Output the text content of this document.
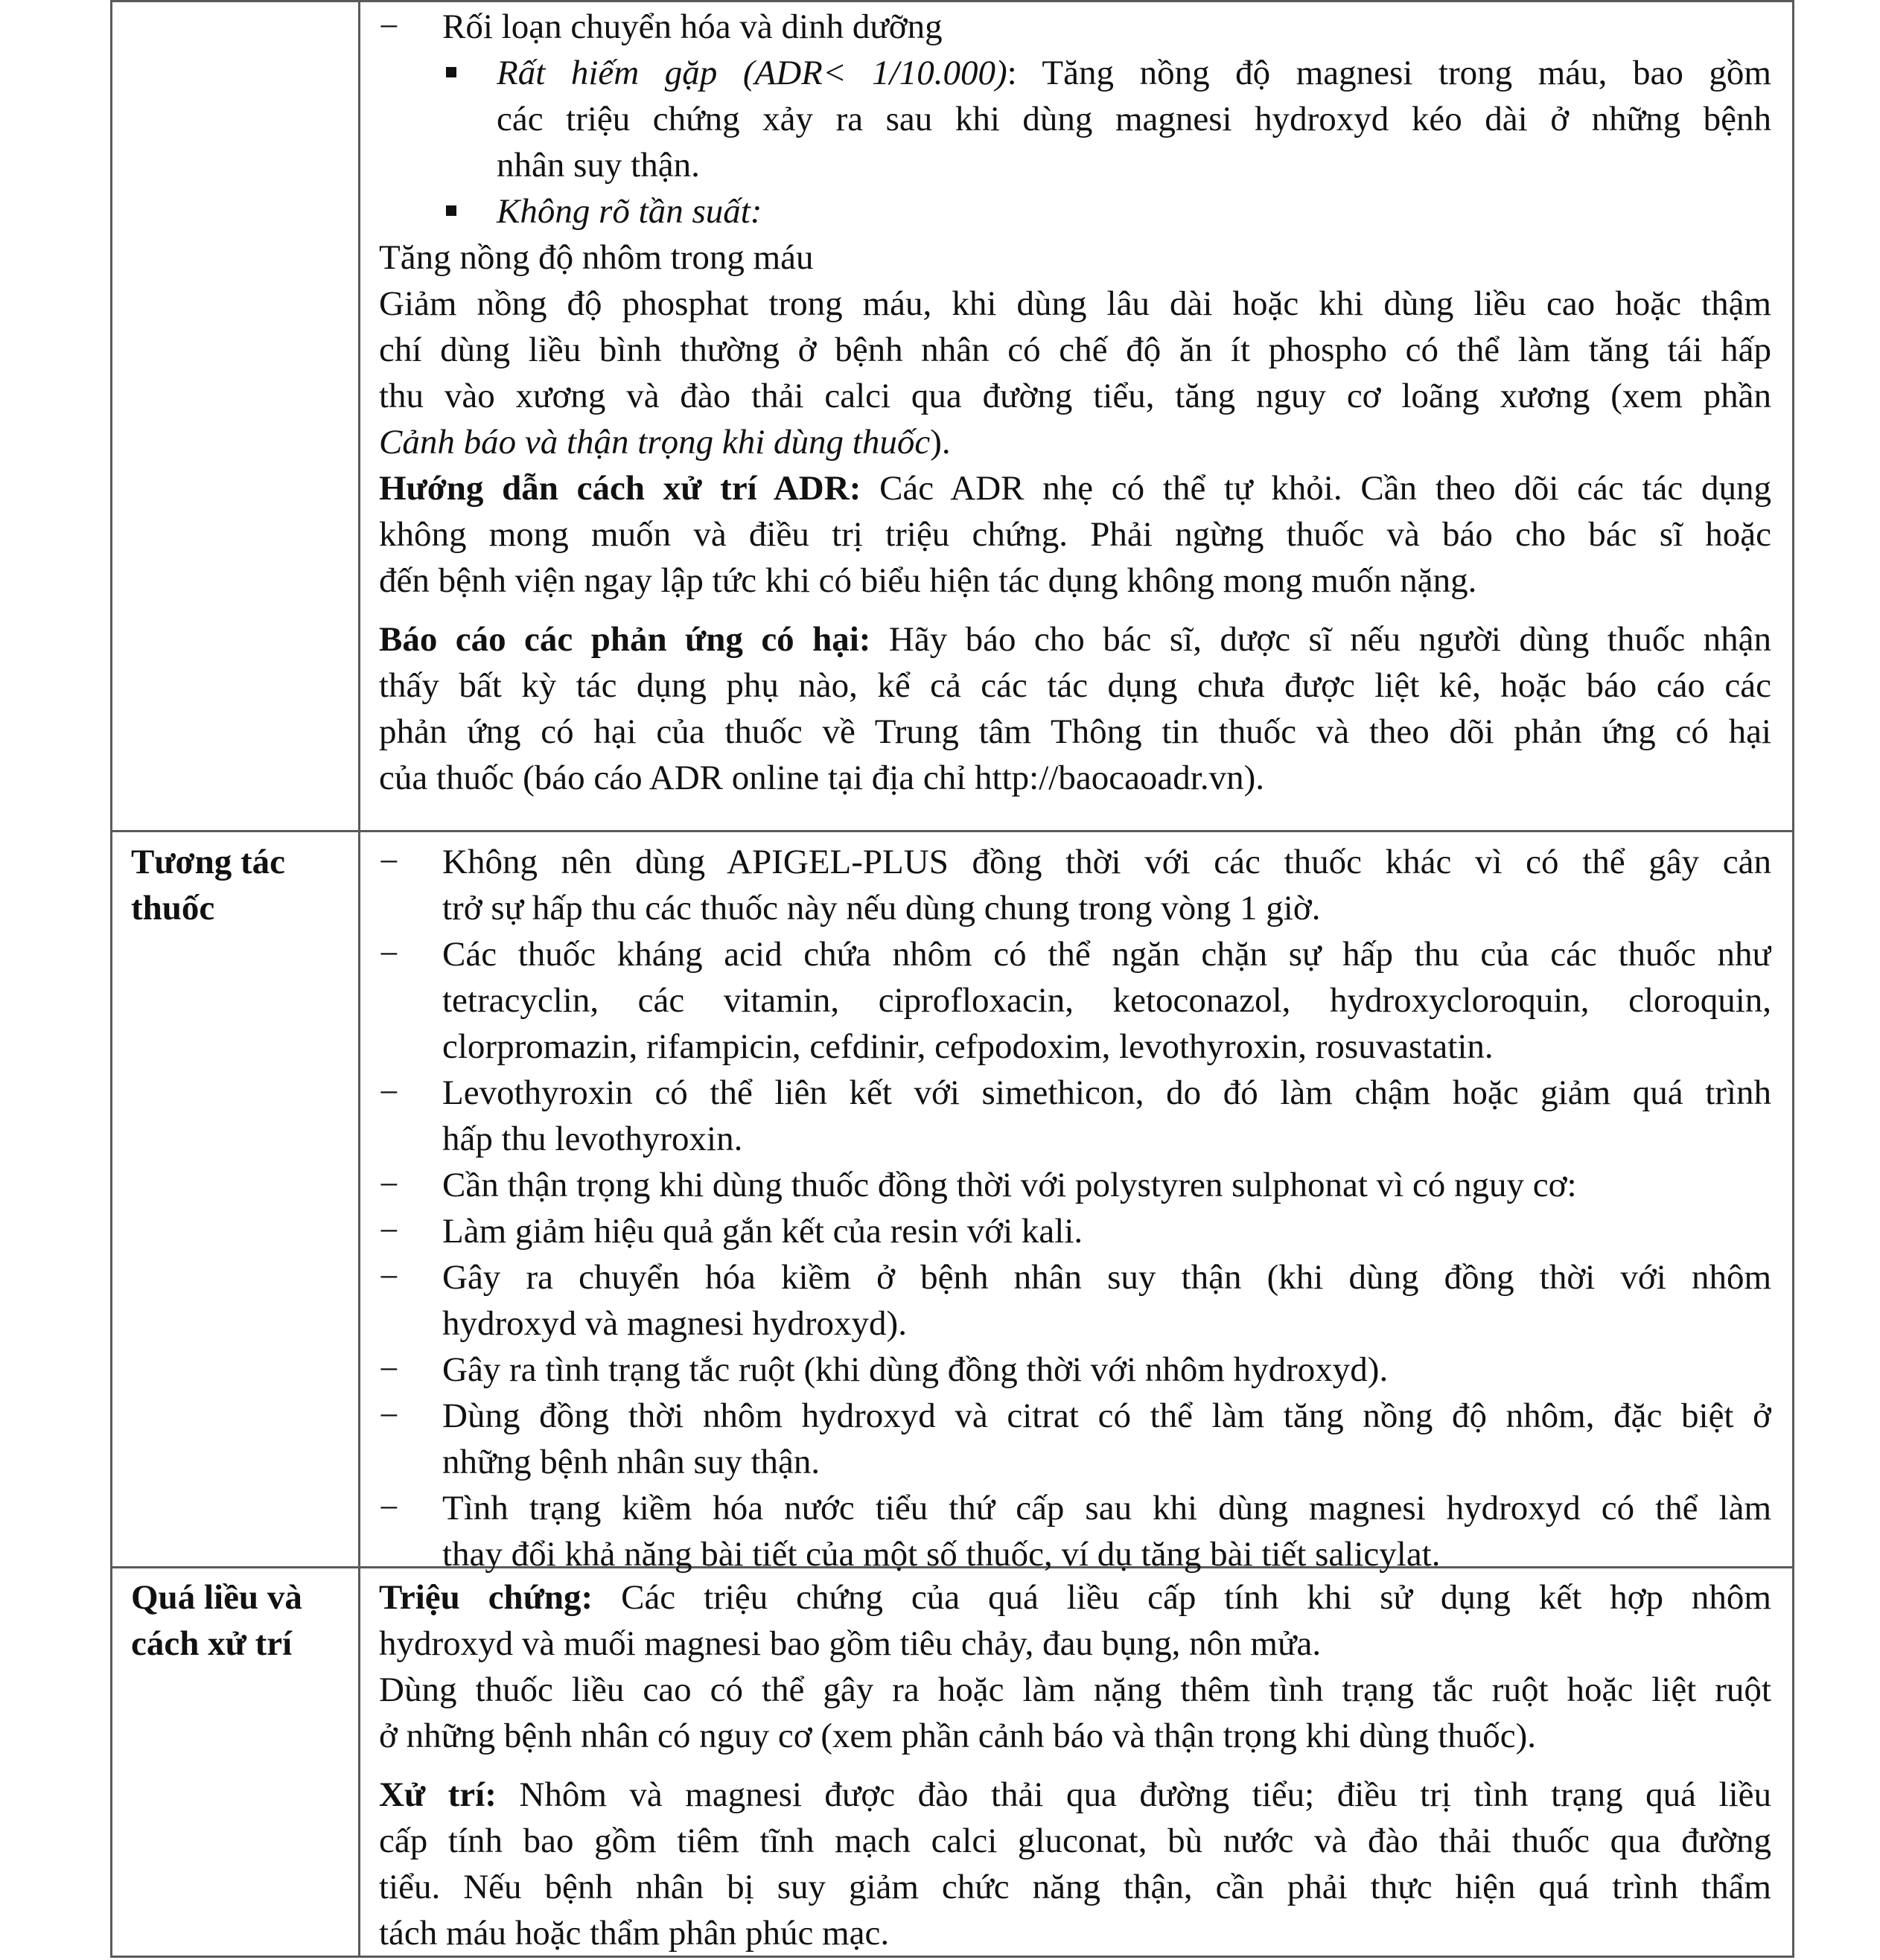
− Rối loạn chuyển hóa và dinh dưỡng
Rất hiếm gặp (ADR< 1/10.000): Tăng nồng độ magnesi trong máu, bao gồm
các triệu chứng xảy ra sau khi dùng magnesi hydroxyd kéo dài ở những bệnh
nhân suy thận.
Không rõ tần suất:
Tăng nồng độ nhôm trong máu
Giảm nồng độ phosphat trong máu, khi dùng lâu dài hoặc khi dùng liều cao hoặc thậm
chí dùng liều bình thường ở bệnh nhân có chế độ ăn ít phospho có thể làm tăng tái hấp
thu vào xương và đào thải calci qua đường tiểu, tăng nguy cơ loãng xương (xem phần
Cảnh báo và thận trọng khi dùng thuốc).
Hướng dẫn cách xử trí ADR: Các ADR nhẹ có thể tự khỏi. Cần theo dõi các tác dụng
không mong muốn và điều trị triệu chứng. Phải ngừng thuốc và báo cho bác sĩ hoặc
đến bệnh viện ngay lập tức khi có biểu hiện tác dụng không mong muốn nặng.
Báo cáo các phản ứng có hại: Hãy báo cho bác sĩ, dược sĩ nếu người dùng thuốc nhận
thấy bất kỳ tác dụng phụ nào, kể cả các tác dụng chưa được liệt kê, hoặc báo cáo các
phản ứng có hại của thuốc về Trung tâm Thông tin thuốc và theo dõi phản ứng có hại
của thuốc (báo cáo ADR online tại địa chỉ http://baocaoadr.vn).
Tương tác
thuốc
− Không nên dùng APIGEL-PLUS đồng thời với các thuốc khác vì có thể gây cản
trở sự hấp thu các thuốc này nếu dùng chung trong vòng 1 giờ.
− Các thuốc kháng acid chứa nhôm có thể ngăn chặn sự hấp thu của các thuốc như
tetracyclin, các vitamin, ciprofloxacin, ketoconazol, hydroxycloroquin, cloroquin,
clorpromazin, rifampicin, cefdinir, cefpodoxim, levothyroxin, rosuvastatin.
− Levothyroxin có thể liên kết với simethicon, do đó làm chậm hoặc giảm quá trình
hấp thu levothyroxin.
− Cần thận trọng khi dùng thuốc đồng thời với polystyren sulphonat vì có nguy cơ:
− Làm giảm hiệu quả gắn kết của resin với kali.
− Gây ra chuyển hóa kiềm ở bệnh nhân suy thận (khi dùng đồng thời với nhôm
hydroxyd và magnesi hydroxyd).
− Gây ra tình trạng tắc ruột (khi dùng đồng thời với nhôm hydroxyd).
− Dùng đồng thời nhôm hydroxyd và citrat có thể làm tăng nồng độ nhôm, đặc biệt ở
những bệnh nhân suy thận.
− Tình trạng kiềm hóa nước tiểu thứ cấp sau khi dùng magnesi hydroxyd có thể làm
thay đổi khả năng bài tiết của một số thuốc, ví dụ tăng bài tiết salicylat.
Quá liều và
cách xử trí
Triệu chứng: Các triệu chứng của quá liều cấp tính khi sử dụng kết hợp nhôm
hydroxyd và muối magnesi bao gồm tiêu chảy, đau bụng, nôn mửa.
Dùng thuốc liều cao có thể gây ra hoặc làm nặng thêm tình trạng tắc ruột hoặc liệt ruột
ở những bệnh nhân có nguy cơ (xem phần cảnh báo và thận trọng khi dùng thuốc).
Xử trí: Nhôm và magnesi được đào thải qua đường tiểu; điều trị tình trạng quá liều
cấp tính bao gồm tiêm tĩnh mạch calci gluconat, bù nước và đào thải thuốc qua đường
tiểu. Nếu bệnh nhân bị suy giảm chức năng thận, cần phải thực hiện quá trình thẩm
tách máu hoặc thẩm phân phúc mạc.
